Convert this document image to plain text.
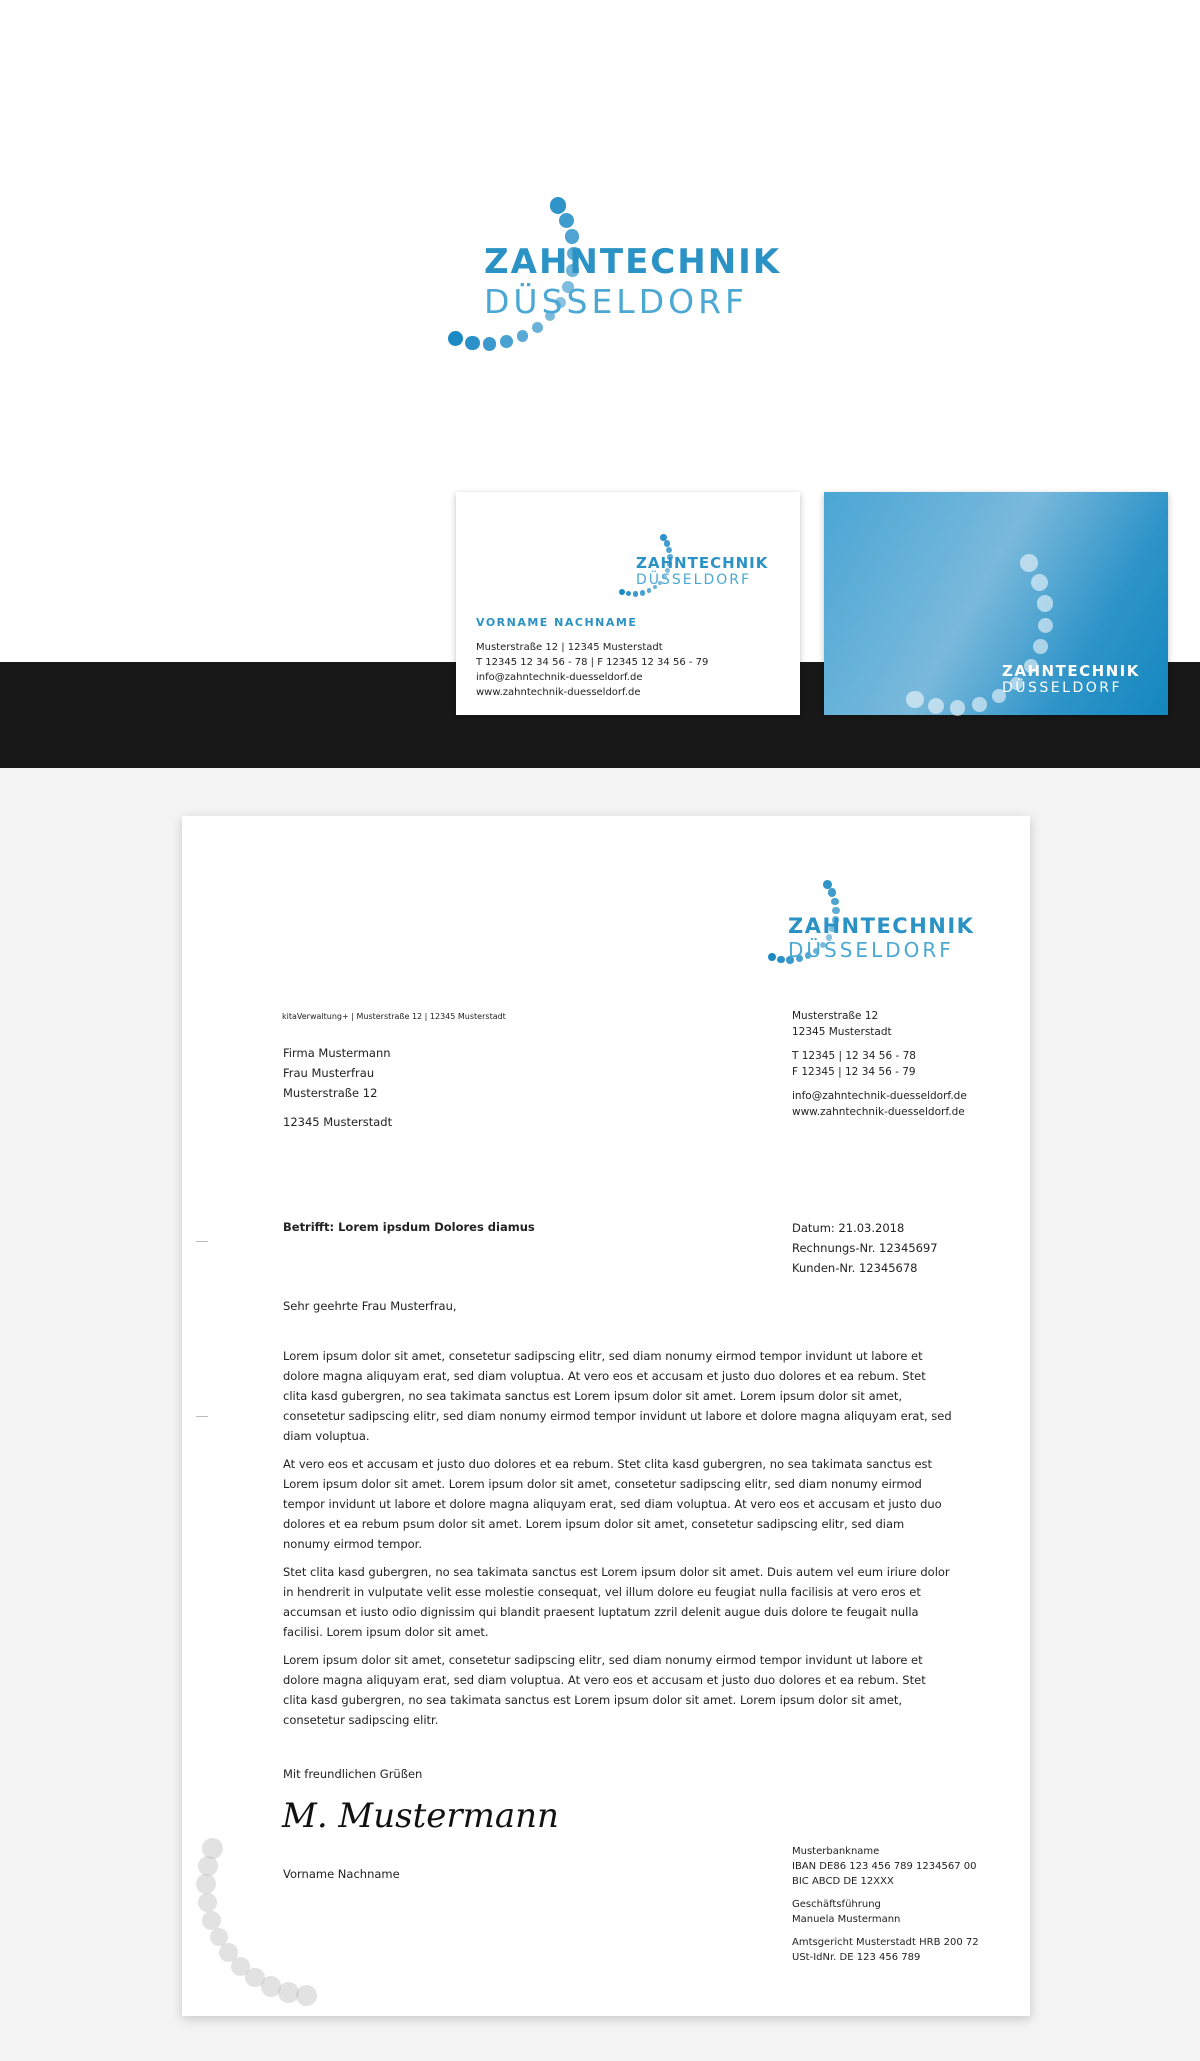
ZAHNTECHNIK
DÜSSELDORF
ZAHNTECHNIK
DÜSSELDORF
VORNAME NACHNAME
Musterstraße 12 | 12345 Musterstadt
T 12345 12 34 56 - 78 | F 12345 12 34 56 - 79
info@zahntechnik-duesseldorf.de
www.zahntechnik-duesseldorf.de
ZAHNTECHNIK
DÜSSELDORF
ZAHNTECHNIK
DÜSSELDORF
kitaVerwaltung+ | Musterstraße 12 | 12345 Musterstadt
Firma Mustermann
Frau Musterfrau
Musterstraße 12
12345 Musterstadt
Musterstraße 12
12345 Musterstadt
T 12345 | 12 34 56 - 78
F 12345 | 12 34 56 - 79
info@zahntechnik-duesseldorf.de
www.zahntechnik-duesseldorf.de
Betrifft: Lorem ipsdum Dolores diamus	Datum: 21.03.2018
Rechnungs-Nr. 12345697
Kunden-Nr. 12345678
Sehr geehrte Frau Musterfrau,

Lorem ipsum dolor sit amet, consetetur sadipscing elitr, sed diam nonumy eirmod tempor invidunt ut labore et dolore magna aliquyam erat, sed diam voluptua. At vero eos et accusam et justo duo dolores et ea rebum. Stet clita kasd gubergren, no sea takimata sanctus est Lorem ipsum dolor sit amet. Lorem ipsum dolor sit amet, consetetur sadipscing elitr, sed diam nonumy eirmod tempor invidunt ut labore et dolore magna aliquyam erat, sed diam voluptua.

At vero eos et accusam et justo duo dolores et ea rebum. Stet clita kasd gubergren, no sea takimata sanctus est Lorem ipsum dolor sit amet. Lorem ipsum dolor sit amet, consetetur sadipscing elitr, sed diam nonumy eirmod tempor invidunt ut labore et dolore magna aliquyam erat, sed diam voluptua. At vero eos et accusam et justo duo dolores et ea rebum psum dolor sit amet. Lorem ipsum dolor sit amet, consetetur sadipscing elitr, sed diam nonumy eirmod tempor.

Stet clita kasd gubergren, no sea takimata sanctus est Lorem ipsum dolor sit amet. Duis autem vel eum iriure dolor in hendrerit in vulputate velit esse molestie consequat, vel illum dolore eu feugiat nulla facilisis at vero eros et accumsan et iusto odio dignissim qui blandit praesent luptatum zzril delenit augue duis dolore te feugait nulla facilisi. Lorem ipsum dolor sit amet.

Lorem ipsum dolor sit amet, consetetur sadipscing elitr, sed diam nonumy eirmod tempor invidunt ut labore et dolore magna aliquyam erat, sed diam voluptua. At vero eos et accusam et justo duo dolores et ea rebum. Stet clita kasd gubergren, no sea takimata sanctus est Lorem ipsum dolor sit amet. Lorem ipsum dolor sit amet, consetetur sadipscing elitr.

Mit freundlichen Grüßen
M. Mustermann
Vorname Nachname
Musterbankname
IBAN DE86 123 456 789 1234567 00
BIC ABCD DE 12XXX
Geschäftsführung
Manuela Mustermann
Amtsgericht Musterstadt HRB 200 72
USt-IdNr. DE 123 456 789
